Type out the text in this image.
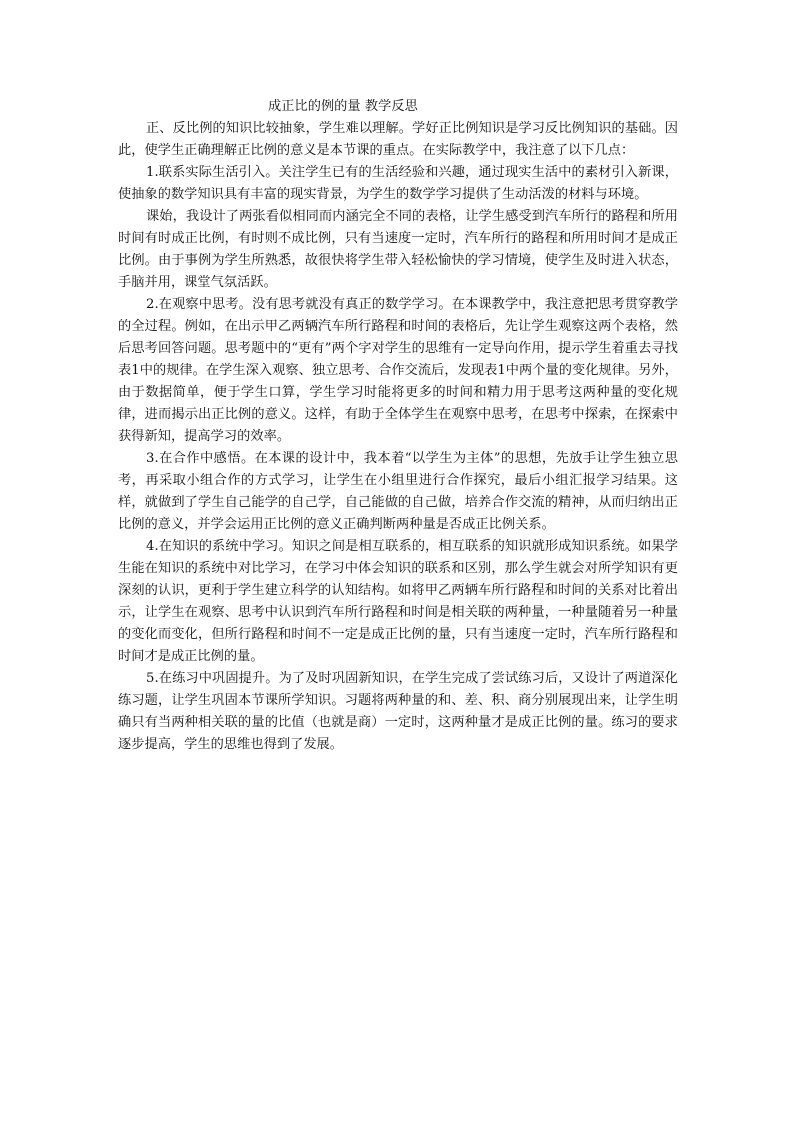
成正比的例的量 教学反思

正、反比例的知识比较抽象，学生难以理解。学好正比例知识是学习反比例知识的基础。因此，使学生正确理解正比例的意义是本节课的重点。在实际教学中，我注意了以下几点：

1.联系实际生活引入。关注学生已有的生活经验和兴趣，通过现实生活中的素材引入新课，使抽象的数学知识具有丰富的现实背景，为学生的数学学习提供了生动活泼的材料与环境。

课始，我设计了两张看似相同而内涵完全不同的表格，让学生感受到汽车所行的路程和所用时间有时成正比例，有时则不成比例，只有当速度一定时，汽车所行的路程和所用时间才是成正比例。由于事例为学生所熟悉，故很快将学生带入轻松愉快的学习情境，使学生及时进入状态，手脑并用，课堂气氛活跃。

2.在观察中思考。没有思考就没有真正的数学学习。在本课教学中，我注意把思考贯穿教学的全过程。例如，在出示甲乙两辆汽车所行路程和时间的表格后，先让学生观察这两个表格，然后思考回答问题。思考题中的“更有”两个字对学生的思维有一定导向作用，提示学生着重去寻找表1中的规律。在学生深入观察、独立思考、合作交流后，发现表1中两个量的变化规律。另外，由于数据简单，便于学生口算，学生学习时能将更多的时间和精力用于思考这两种量的变化规律，进而揭示出正比例的意义。这样，有助于全体学生在观察中思考，在思考中探索，在探索中获得新知，提高学习的效率。

3.在合作中感悟。在本课的设计中，我本着“以学生为主体”的思想，先放手让学生独立思考，再采取小组合作的方式学习，让学生在小组里进行合作探究，最后小组汇报学习结果。这样，就做到了学生自己能学的自己学，自己能做的自己做，培养合作交流的精神，从而归纳出正比例的意义，并学会运用正比例的意义正确判断两种量是否成正比例关系。

4.在知识的系统中学习。知识之间是相互联系的，相互联系的知识就形成知识系统。如果学生能在知识的系统中对比学习，在学习中体会知识的联系和区别，那么学生就会对所学知识有更深刻的认识，更利于学生建立科学的认知结构。如将甲乙两辆车所行路程和时间的关系对比着出示，让学生在观察、思考中认识到汽车所行路程和时间是相关联的两种量，一种量随着另一种量的变化而变化，但所行路程和时间不一定是成正比例的量，只有当速度一定时，汽车所行路程和时间才是成正比例的量。

5.在练习中巩固提升。为了及时巩固新知识，在学生完成了尝试练习后，又设计了两道深化练习题，让学生巩固本节课所学知识。习题将两种量的和、差、积、商分别展现出来，让学生明确只有当两种相关联的量的比值（也就是商）一定时，这两种量才是成正比例的量。练习的要求逐步提高，学生的思维也得到了发展。
